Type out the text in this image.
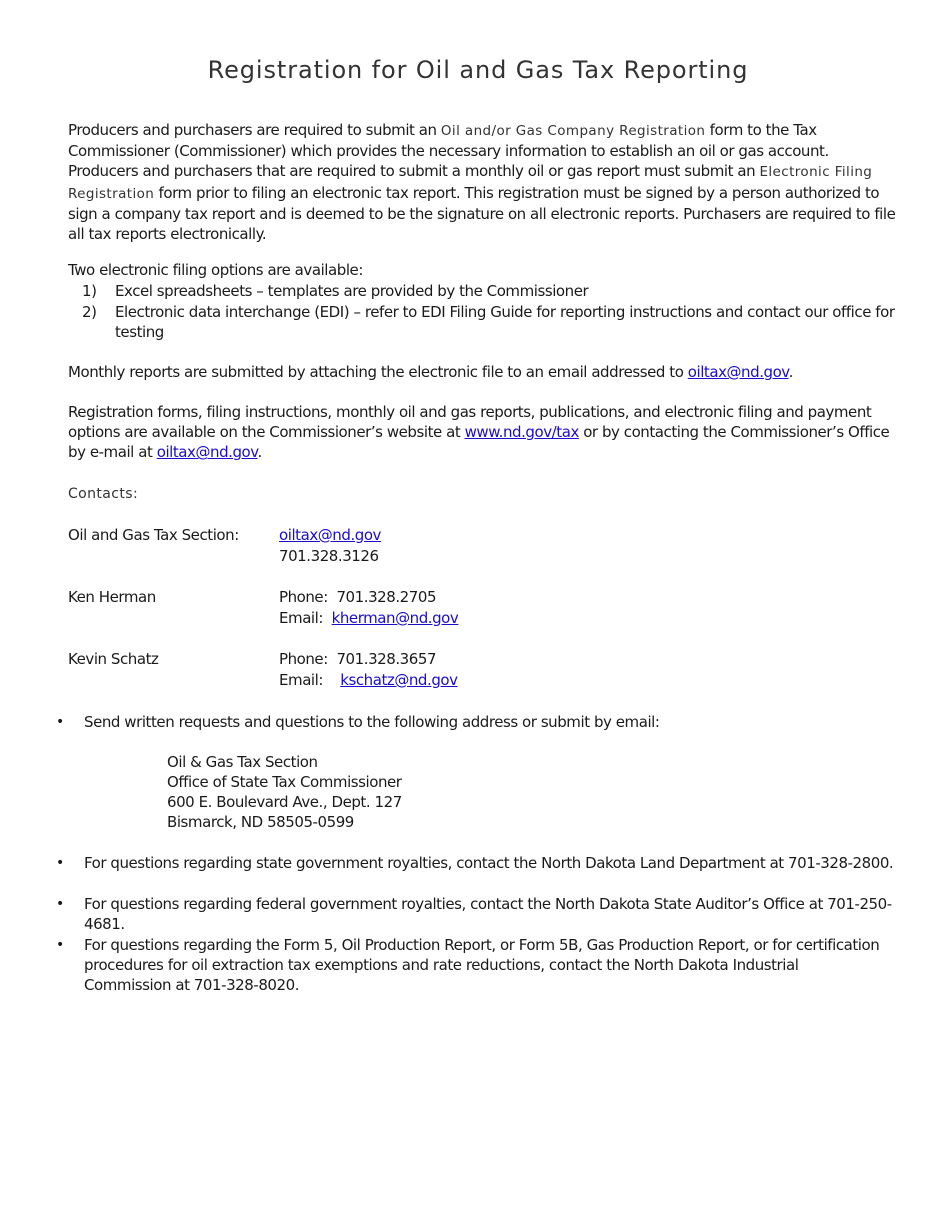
Registration for Oil and Gas Tax Reporting

Producers and purchasers are required to submit an Oil and/or Gas Company Registration form to the Tax Commissioner (Commissioner) which provides the necessary information to establish an oil or gas account. Producers and purchasers that are required to submit a monthly oil or gas report must submit an Electronic Filing Registration form prior to filing an electronic tax report. This registration must be signed by a person authorized to sign a company tax report and is deemed to be the signature on all electronic reports. Purchasers are required to file all tax reports electronically.

Two electronic filing options are available:
1)	Excel spreadsheets – templates are provided by the Commissioner
2)	Electronic data interchange (EDI) – refer to EDI Filing Guide for reporting instructions and contact our office for testing

Monthly reports are submitted by attaching the electronic file to an email addressed to oiltax@nd.gov.

Registration forms, filing instructions, monthly oil and gas reports, publications, and electronic filing and payment options are available on the Commissioner’s website at www.nd.gov/tax or by contacting the Commissioner’s Office by e-mail at oiltax@nd.gov.

Contacts:
Oil and Gas Tax Section:	oiltax@nd.gov
701.328.3126
Ken Herman	Phone: 701.328.2705
Email: kherman@nd.gov
Kevin Schatz	Phone: 701.328.3657
Email: kschatz@nd.gov
• Send written requests and questions to the following address or submit by email:
Oil & Gas Tax Section
Office of State Tax Commissioner
600 E. Boulevard Ave., Dept. 127
Bismarck, ND 58505-0599
• For questions regarding state government royalties, contact the North Dakota Land Department at 701-328-2800.
• For questions regarding federal government royalties, contact the North Dakota State Auditor’s Office at 701-250-4681.
• For questions regarding the Form 5, Oil Production Report, or Form 5B, Gas Production Report, or for certification procedures for oil extraction tax exemptions and rate reductions, contact the North Dakota Industrial Commission at 701-328-8020.
